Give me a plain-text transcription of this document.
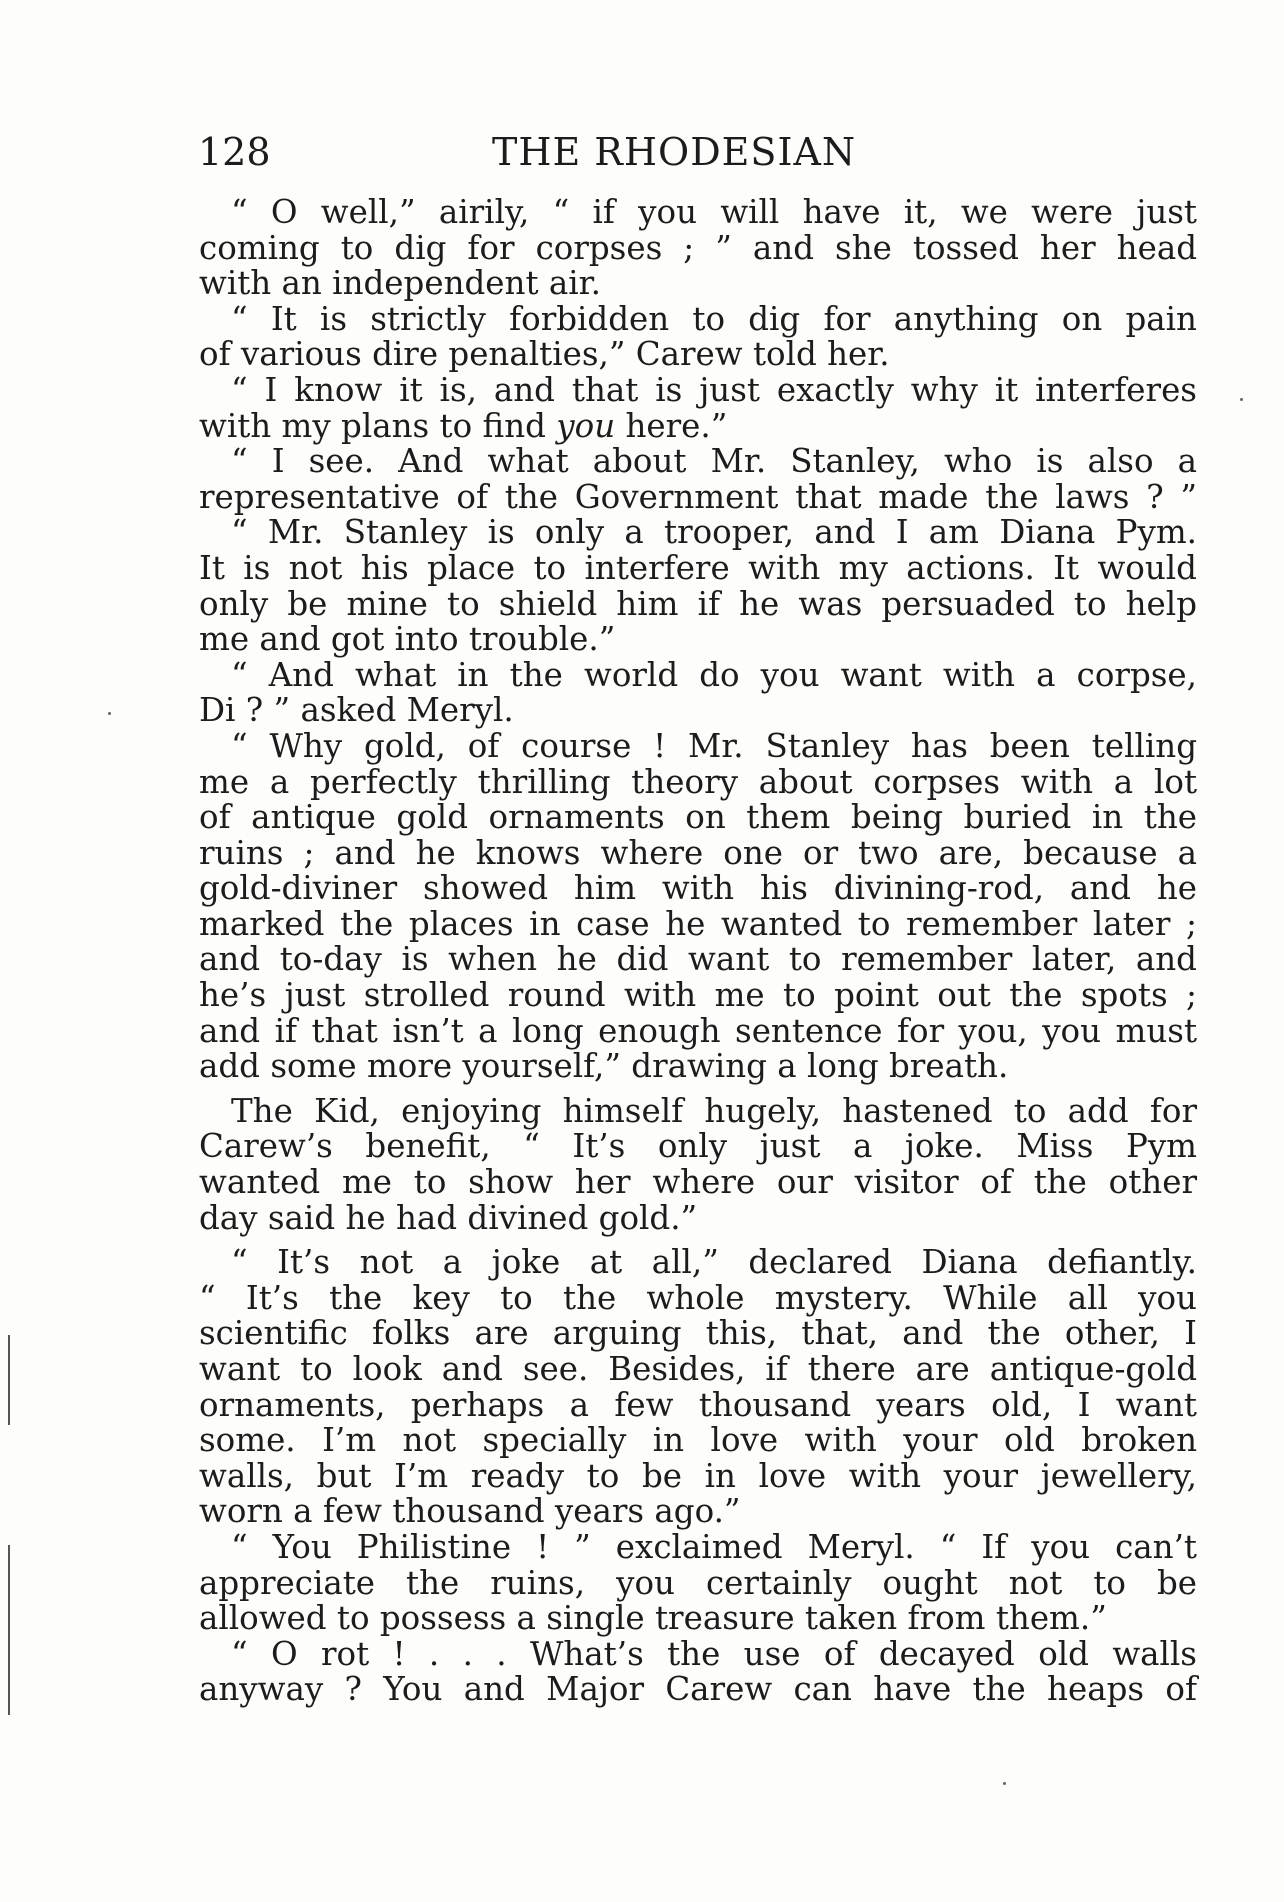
128	THE RHODESIAN
“ O well,” airily, “ if you will have it, we were just
coming to dig for corpses ; ” and she tossed her head
with an independent air.
“ It is strictly forbidden to dig for anything on pain
of various dire penalties,” Carew told her.
“ I know it is, and that is just exactly why it interferes
with my plans to find you here.”
“ I see. And what about Mr. Stanley, who is also a
representative of the Government that made the laws ? ”
“ Mr. Stanley is only a trooper, and I am Diana Pym.
It is not his place to interfere with my actions. It would
only be mine to shield him if he was persuaded to help
me and got into trouble.”
“ And what in the world do you want with a corpse,
Di ? ” asked Meryl.
“ Why gold, of course ! Mr. Stanley has been telling
me a perfectly thrilling theory about corpses with a lot
of antique gold ornaments on them being buried in the
ruins ; and he knows where one or two are, because a
gold-diviner showed him with his divining-rod, and he
marked the places in case he wanted to remember later ;
and to-day is when he did want to remember later, and
he’s just strolled round with me to point out the spots ;
and if that isn’t a long enough sentence for you, you must
add some more yourself,” drawing a long breath.
The Kid, enjoying himself hugely, hastened to add for
Carew’s benefit, “ It’s only just a joke. Miss Pym
wanted me to show her where our visitor of the other
day said he had divined gold.”
“ It’s not a joke at all,” declared Diana defiantly.
“ It’s the key to the whole mystery. While all you
scientific folks are arguing this, that, and the other, I
want to look and see. Besides, if there are antique-gold
ornaments, perhaps a few thousand years old, I want
some. I’m not specially in love with your old broken
walls, but I’m ready to be in love with your jewellery,
worn a few thousand years ago.”
“ You Philistine ! ” exclaimed Meryl. “ If you can’t
appreciate the ruins, you certainly ought not to be
allowed to possess a single treasure taken from them.”
“ O rot ! . . . What’s the use of decayed old walls
anyway ? You and Major Carew can have the heaps of
